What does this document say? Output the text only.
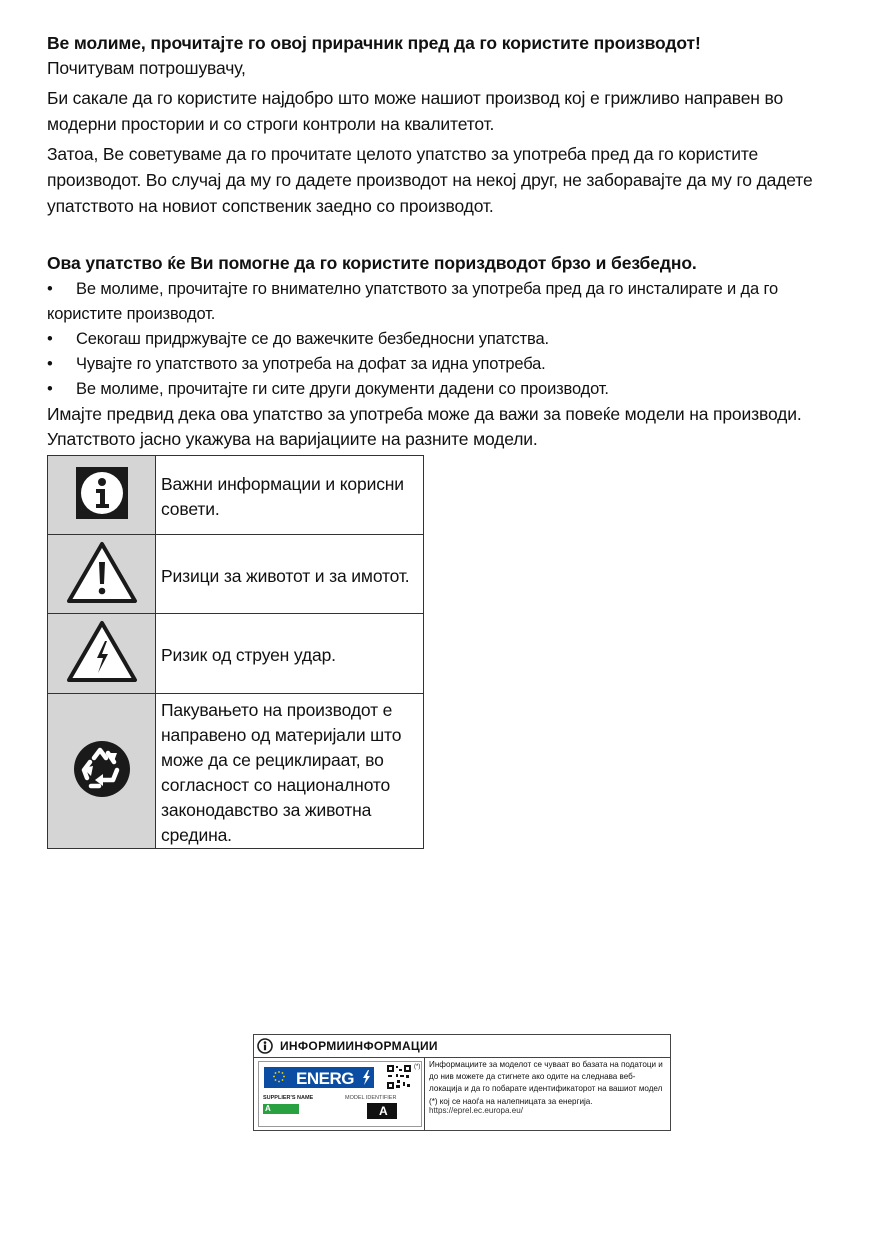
Ве молиме, прочитајте го овој прирачник пред да го користите производот!

Почитувам потрошувачу,

Би сакале да го користите најдобро што може нашиот производ кој е грижливо направен во модерни простории и со строги контроли на квалитетот.

Затоа, Ве советуваме да го прочитате целото упатство за употреба пред да го користите производот. Во случај да му го дадете производот на некој друг, не заборавајте да му го дадете упатството на новиот сопственик заедно со производот.

Ова упатство ќе Ви помогне да го користите пориздводот брзо и безбедно.

• Ве молиме, прочитајте го внимателно упатството за употреба пред да го инсталирате и да го користите производот.

• Секогаш придржувајте се до важечките безбедносни упатства.

• Чувајте го упатството за употреба на дофат за идна употреба.

• Ве молиме, прочитајте ги сите други документи дадени со производот.

Имајте предвид дека ова упатство за употреба може да важи за повеќе модели на производи. Упатството јасно укажува на варијациите на разните модели.

	Важни информации и корисни совети.
	Ризици за животот и за имотот.
	Ризик од струен удар.
	Пакувањето на производот е направено од материјали што може да се рециклираат, во согласност со националното законодавство за животна средина.
ИНФОРМИИНФОРМАЦИИ
ENERG
SUPPLIER'S NAME	MODEL IDENTIFIER
A	A
(*) Информациите за моделот се чуваат во базата на податоци и до нив можете да стигнете ако одите на следнава веб-локација и да го побарате идентификаторот на вашиот модел (*) кој се наоѓа на налепницата за енергија.
https://eprel.ec.europa.eu/
